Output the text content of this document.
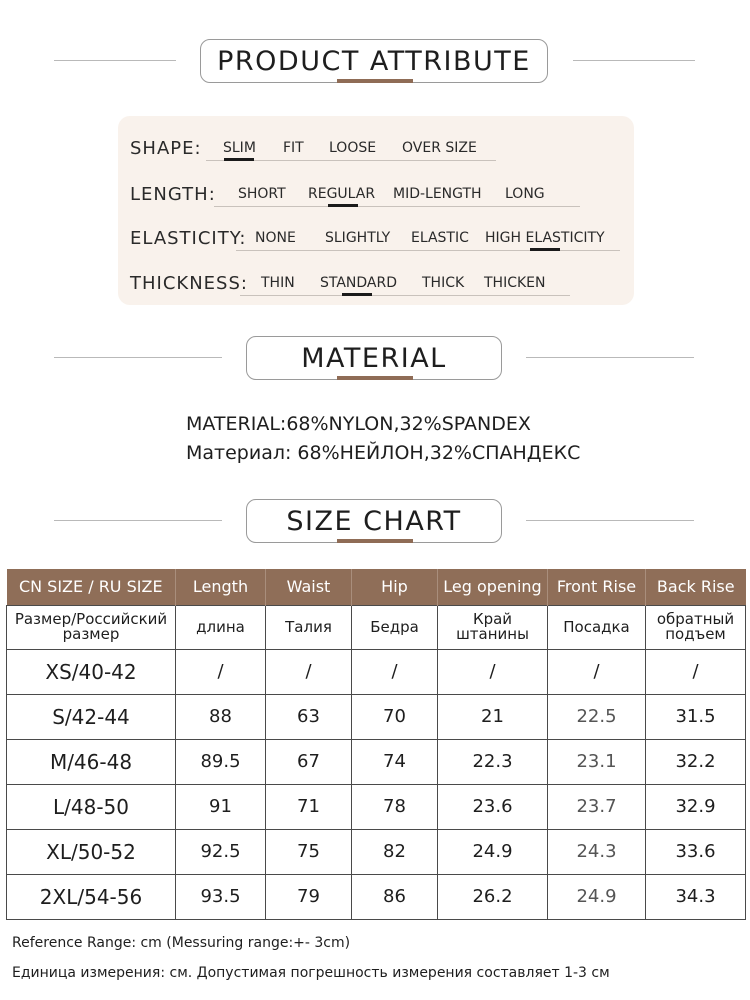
PRODUCT ATTRIBUTE
SHAPE: SLIM FIT LOOSE OVER SIZE
LENGTH: SHORT REGULAR MID-LENGTH LONG
ELASTICITY: NONE SLIGHTLY ELASTIC HIGH ELASTICITY
THICKNESS: THIN STANDARD THICK THICKEN
MATERIAL
MATERIAL:68%NYLON,32%SPANDEX
Материал: 68%НЕЙЛОН,32%СПАНДЕКС
SIZE CHART
CN SIZE / RU SIZE	Length	Waist	Hip	Leg opening	Front Rise	Back Rise
Размер/Российский размер	длина	Талия	Бедра	Край штанины	Посадка	обратный подъем
XS/40-42	/	/	/	/	/	/
S/42-44	88	63	70	21	22.5	31.5
M/46-48	89.5	67	74	22.3	23.1	32.2
L/48-50	91	71	78	23.6	23.7	32.9
XL/50-52	92.5	75	82	24.9	24.3	33.6
2XL/54-56	93.5	79	86	26.2	24.9	34.3
Reference Range: cm (Messuring range:+- 3cm)
Единица измерения: см. Допустимая погрешность измерения составляет 1-3 см
